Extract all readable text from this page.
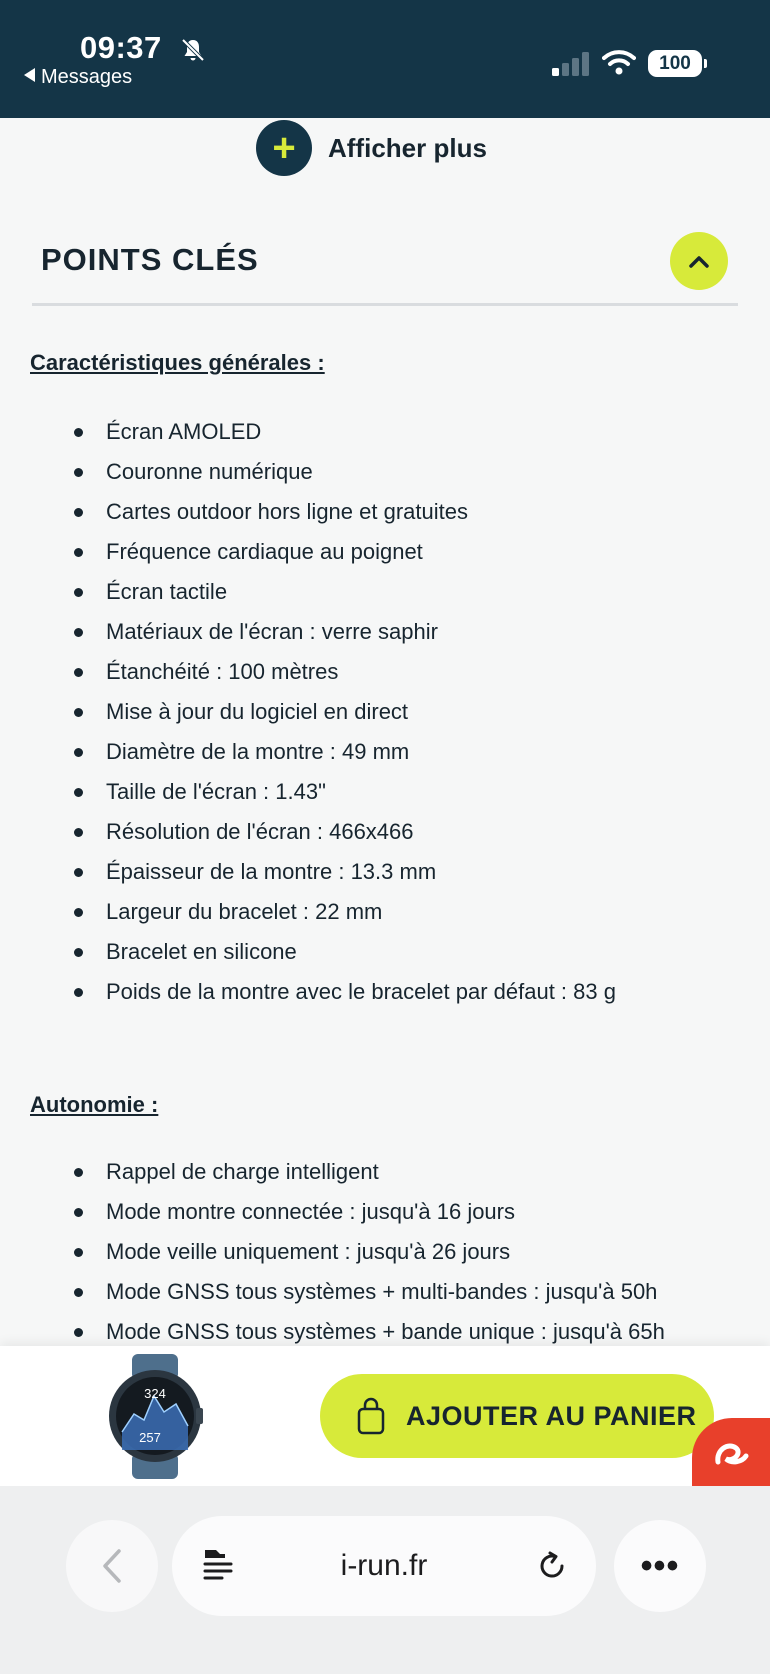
09:37
Messages
100
+	Afficher plus
POINTS CLÉS
Caractéristiques générales :
Écran AMOLED
Couronne numérique
Cartes outdoor hors ligne et gratuites
Fréquence cardiaque au poignet
Écran tactile
Matériaux de l'écran : verre saphir
Étanchéité : 100 mètres
Mise à jour du logiciel en direct
Diamètre de la montre : 49 mm
Taille de l'écran : 1.43"
Résolution de l'écran : 466x466
Épaisseur de la montre : 13.3 mm
Largeur du bracelet : 22 mm
Bracelet en silicone
Poids de la montre avec le bracelet par défaut : 83 g
Autonomie :
Rappel de charge intelligent
Mode montre connectée : jusqu'à 16 jours
Mode veille uniquement : jusqu'à 26 jours
Mode GNSS tous systèmes + multi-bandes : jusqu'à 50h
Mode GNSS tous systèmes + bande unique : jusqu'à 65h
324
257
AJOUTER AU PANIER
i-run.fr	•••
